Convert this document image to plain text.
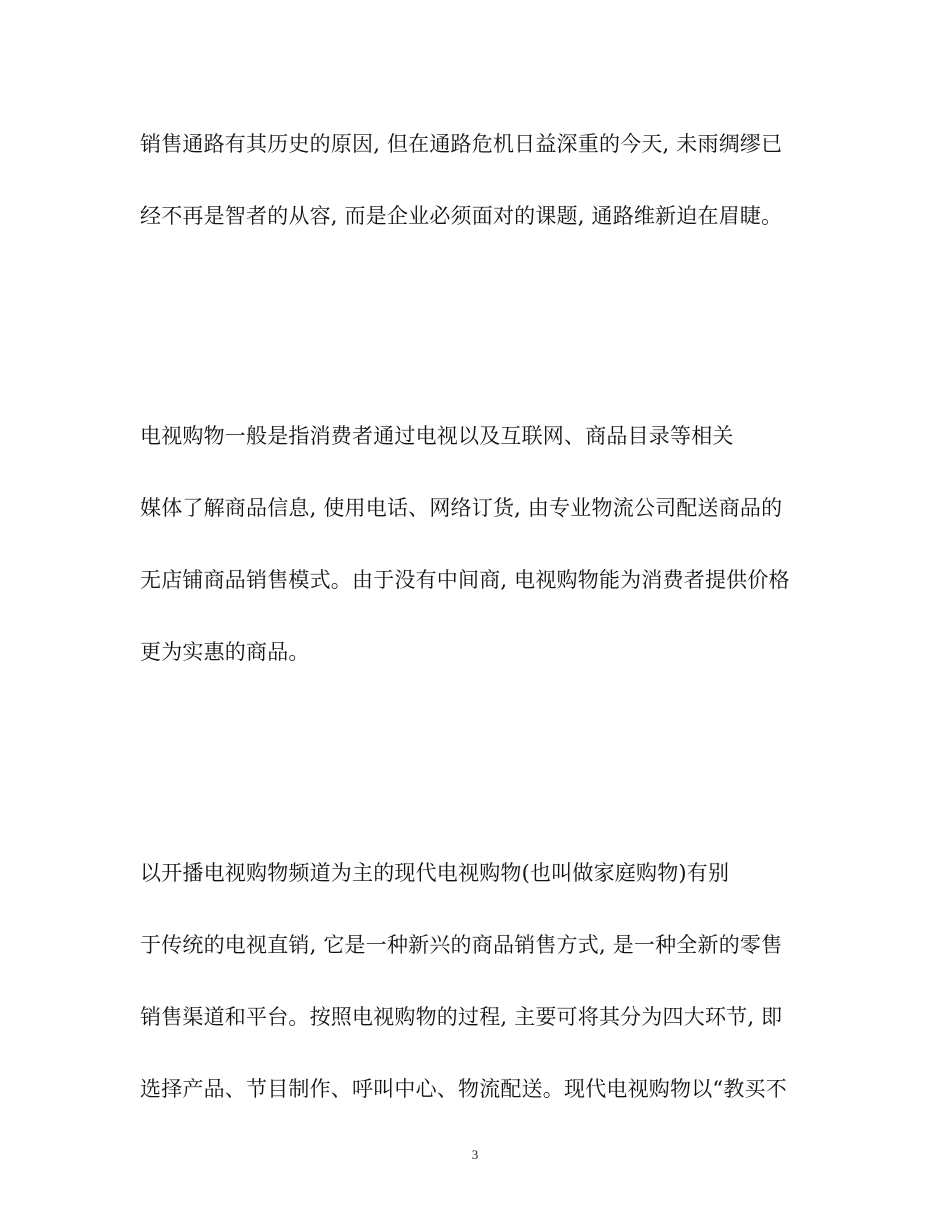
销售通路有其历史的原因, 但在通路危机日益深重的今天, 未雨绸缪已
经不再是智者的从容, 而是企业必须面对的课题, 通路维新迫在眉睫。
电视购物一般是指消费者通过电视以及互联网、商品目录等相关
媒体了解商品信息, 使用电话、网络订货, 由专业物流公司配送商品的
无店铺商品销售模式。由于没有中间商, 电视购物能为消费者提供价格
更为实惠的商品。
以开播电视购物频道为主的现代电视购物(也叫做家庭购物)有别
于传统的电视直销, 它是一种新兴的商品销售方式, 是一种全新的零售
销售渠道和平台。按照电视购物的过程, 主要可将其分为四大环节, 即
选择产品、节目制作、呼叫中心、物流配送。现代电视购物以“教买不
3
